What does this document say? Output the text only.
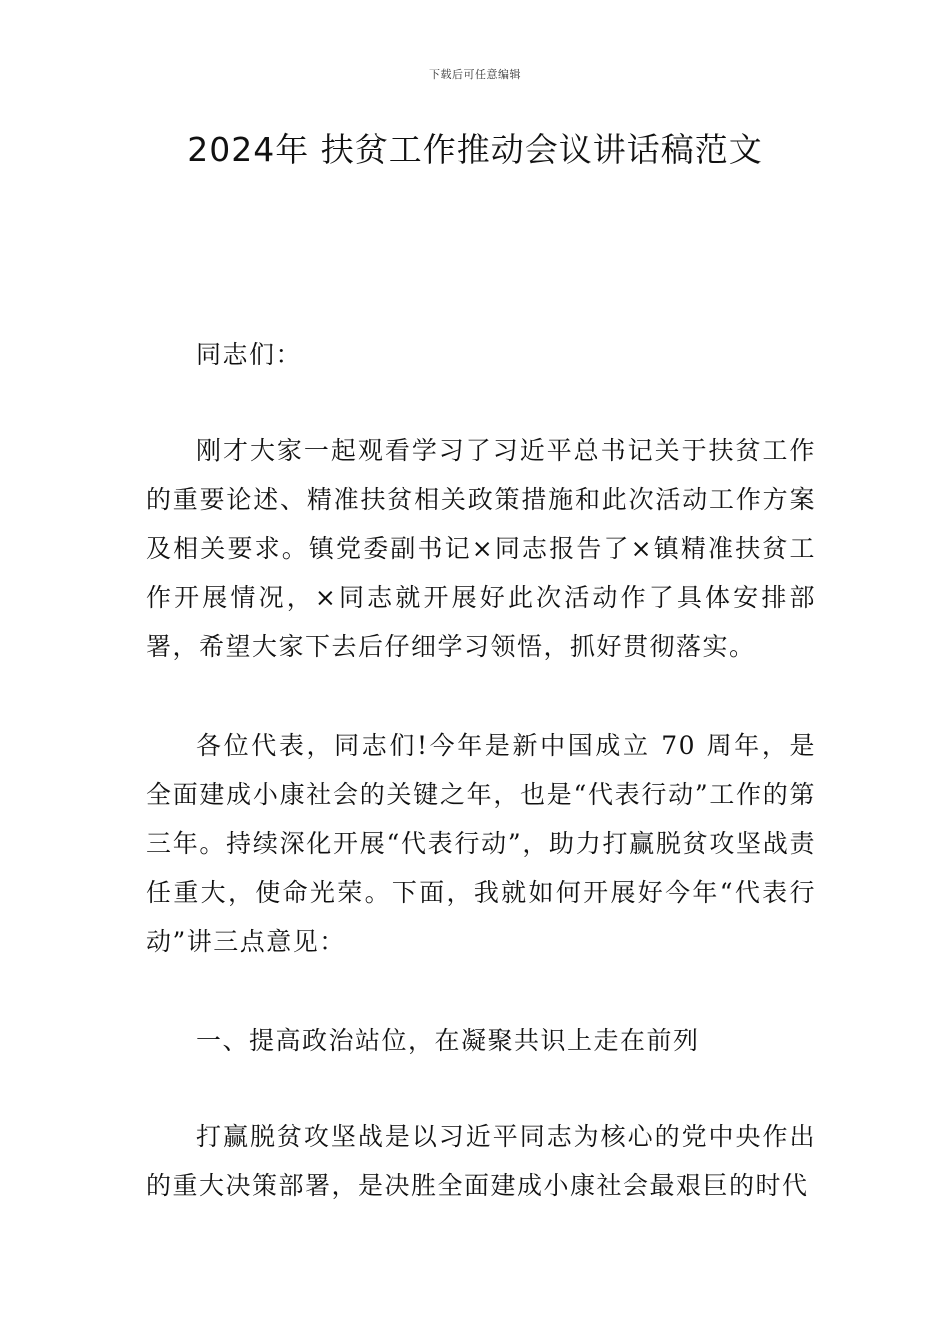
下载后可任意编辑
2024年 扶贫工作推动会议讲话稿范文

同志们：

刚才大家一起观看学习了习近平总书记关于扶贫工作的重要论述、精准扶贫相关政策措施和此次活动工作方案及相关要求。镇党委副书记×同志报告了×镇精准扶贫工作开展情况，×同志就开展好此次活动作了具体安排部署，希望大家下去后仔细学习领悟，抓好贯彻落实。

各位代表，同志们!今年是新中国成立 70 周年，是全面建成小康社会的关键之年，也是“代表行动”工作的第三年。持续深化开展“代表行动”，助力打赢脱贫攻坚战责任重大，使命光荣。下面，我就如何开展好今年“代表行动”讲三点意见：

一、提高政治站位，在凝聚共识上走在前列

打赢脱贫攻坚战是以习近平同志为核心的党中央作出的重大决策部署，是决胜全面建成小康社会最艰巨的时代
